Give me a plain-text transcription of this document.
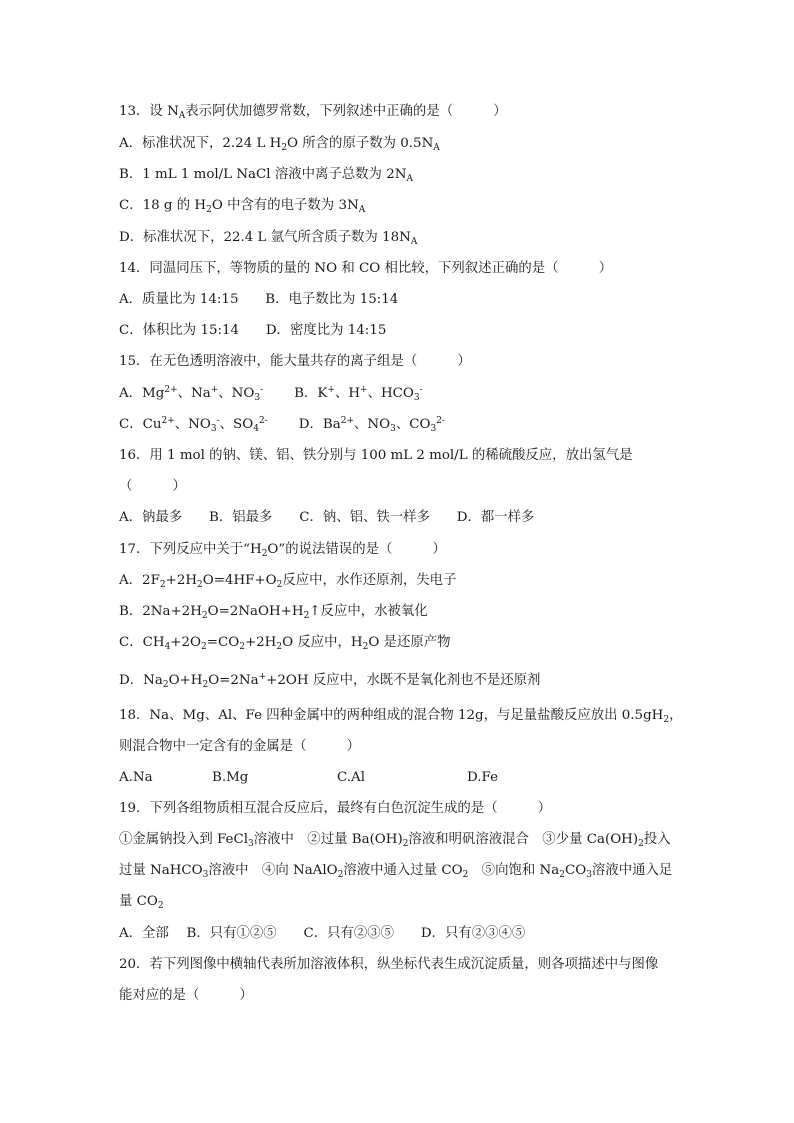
13．设 $N_A$表示阿伏加德罗常数，下列叙述中正确的是（　　　）
A．标准状况下，2.24 L $H_2O$ 所含的原子数为 $0.5N_A$
B．1 mL 1 mol/L NaCl 溶液中离子总数为 $2N_A$
C．18 g 的 $H_2O$ 中含有的电子数为 $3N_A$
D．标准状况下，22.4 L 氩气所含质子数为 $18N_A$
14．同温同压下，等物质的量的 NO 和 CO 相比较，下列叙述正确的是（　　　）
A．质量比为 14:15　　B．电子数比为 15:14
C．体积比为 15:14　　D．密度比为 14:15
15．在无色透明溶液中，能大量共存的离子组是（　　　）
A．$Mg^{2+}$、Na+、$NO_3^-$　　 B．K+、H+、$HCO_3^-$
C．$Cu^{2+}$、$NO_3^-$、$SO_4^{2-}$　　 D．$Ba^{2+}$、$NO_3$、$CO_3^{2-}$
16．用 1 mol 的钠、镁、铝、铁分别与 100 mL 2 mol/L 的稀硫酸反应，放出氢气是
（　　　）
A．钠最多　　B．铝最多　　C．钠、铝、铁一样多　　D．都一样多
17．下列反应中关于“$H_2O$”的说法错误的是（　　　）
A．$2F_2+2H_2O=4HF+O_2$反应中，水作还原剂，失电子
B．$2Na+2H_2O=2NaOH+H_2↑$反应中，水被氧化
C．$CH_4+2O_2=CO_2+2H_2O$ 反应中，$H_2O$ 是还原产物
D．$Na_2O+H_2O=2Na^++2OH$ 反应中，水既不是氧化剂也不是还原剂
18．Na、Mg、Al、Fe 四种金属中的两种组成的混合物 12g，与足量盐酸反应放出 $0.5gH_2$，
则混合物中一定含有的金属是（　　　）
A.Na	B.Mg	C.Al	D.Fe
19．下列各组物质相互混合反应后，最终有白色沉淀生成的是（　　　）
①金属钠投入到 FeCl$_3$溶液中　②过量 $Ba(OH)_2$溶液和明矾溶液混合　③少量 $Ca(OH)_2$投入
过量 NaHCO$_3$溶液中　④向 NaAlO$_2$溶液中通入过量 $CO_2$　⑤向饱和 $Na_2CO_3$溶液中通入足
量 $CO_2$
A．全部　 B．只有①②⑤　　C．只有②③⑤　　D．只有②③④⑤
20．若下列图像中横轴代表所加溶液体积，纵坐标代表生成沉淀质量，则各项描述中与图像
能对应的是（　　　）
